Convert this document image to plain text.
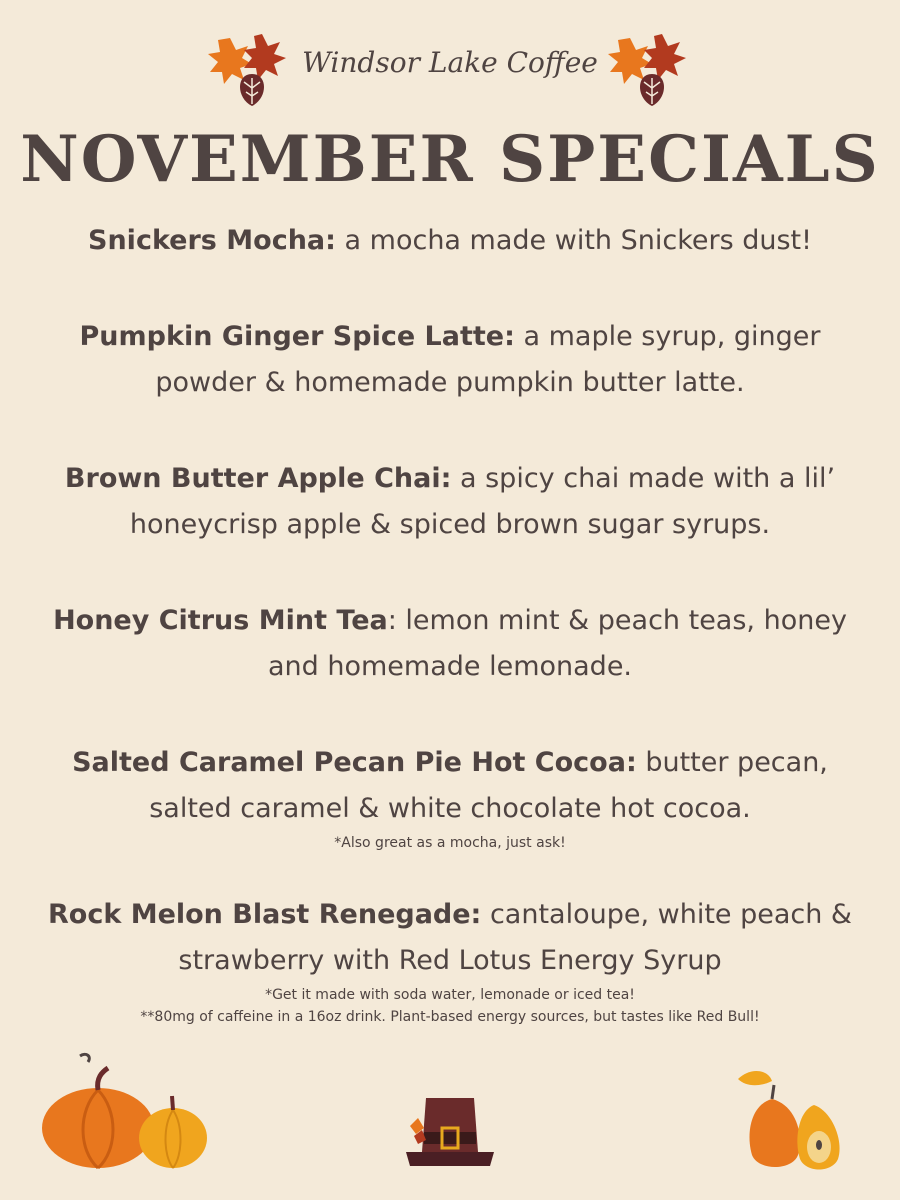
Windsor Lake Coffee
NOVEMBER SPECIALS
Snickers Mocha: a mocha made with Snickers dust!
Pumpkin Ginger Spice Latte: a maple syrup, ginger powder & homemade pumpkin butter latte.
Brown Butter Apple Chai: a spicy chai made with a lil’ honeycrisp apple & spiced brown sugar syrups.
Honey Citrus Mint Tea: lemon mint & peach teas, honey and homemade lemonade.
Salted Caramel Pecan Pie Hot Cocoa: butter pecan, salted caramel & white chocolate hot cocoa.
*Also great as a mocha, just ask!
Rock Melon Blast Renegade: cantaloupe, white peach & strawberry with Red Lotus Energy Syrup
*Get it made with soda water, lemonade or iced tea!
**80mg of caffeine in a 16oz drink. Plant-based energy sources, but tastes like Red Bull!
